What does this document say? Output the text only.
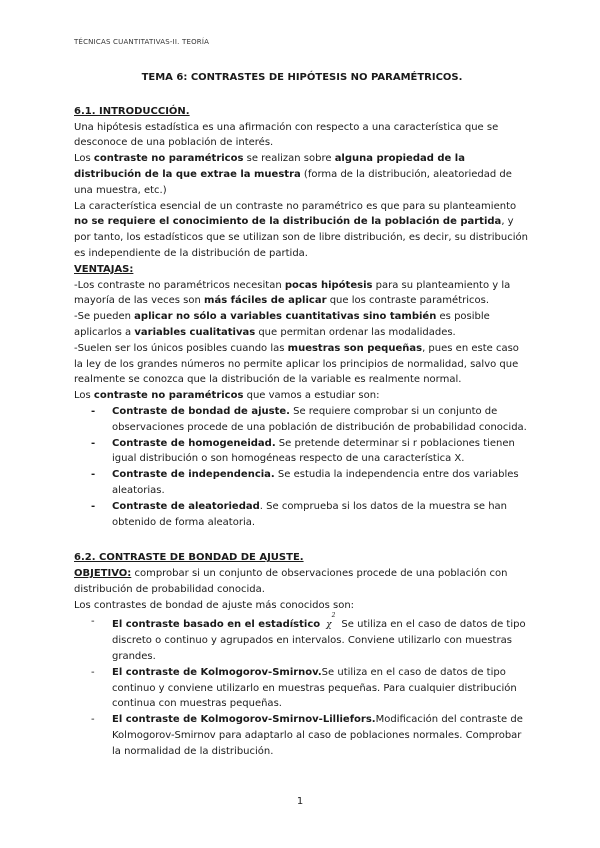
TÉCNICAS CUANTITATIVAS-II. TEORÍA

TEMA 6: CONTRASTES DE HIPÓTESIS NO PARAMÉTRICOS.

6.1. INTRODUCCIÓN.

Una hipótesis estadística es una afirmación con respecto a una característica que se desconoce de una población de interés.

Los contraste no paramétricos se realizan sobre alguna propiedad de la distribución de la que extrae la muestra (forma de la distribución, aleatoriedad de una muestra, etc.)

La característica esencial de un contraste no paramétrico es que para su planteamiento no se requiere el conocimiento de la distribución de la población de partida, y por tanto, los estadísticos que se utilizan son de libre distribución, es decir, su distribución es independiente de la distribución de partida.

VENTAJAS:

-Los contraste no paramétricos necesitan pocas hipótesis para su planteamiento y la mayoría de las veces son más fáciles de aplicar que los contraste paramétricos.

-Se pueden aplicar no sólo a variables cuantitativas sino también es posible aplicarlos a variables cualitativas que permitan ordenar las modalidades.

-Suelen ser los únicos posibles cuando las muestras son pequeñas, pues en este caso la ley de los grandes números no permite aplicar los principios de normalidad, salvo que realmente se conozca que la distribución de la variable es realmente normal.

Los contraste no paramétricos que vamos a estudiar son:

- Contraste de bondad de ajuste. Se requiere comprobar si un conjunto de observaciones procede de una población de distribución de probabilidad conocida.
- Contraste de homogeneidad. Se pretende determinar si r poblaciones tienen igual distribución o son homogéneas respecto de una característica X.
- Contraste de independencia. Se estudia la independencia entre dos variables aleatorias.
- Contraste de aleatoriedad. Se comprueba si los datos de la muestra se han obtenido de forma aleatoria.

6.2. CONTRASTE DE BONDAD DE AJUSTE.

OBJETIVO: comprobar si un conjunto de observaciones procede de una población con distribución de probabilidad conocida.

Los contrastes de bondad de ajuste más conocidos son:

- El contraste basado en el estadístico $\chi^2Se$ utiliza en el caso de datos de tipo discreto o continuo y agrupados en intervalos. Conviene utilizarlo con muestras grandes.
- El contraste de Kolmogorov-Smirnov.Se utiliza en el caso de datos de tipo continuo y conviene utilizarlo en muestras pequeñas. Para cualquier distribución continua con muestras pequeñas.
- El contraste de Kolmogorov-Smirnov-Lilliefors.Modificación del contraste de Kolmogorov-Smirnov para adaptarlo al caso de poblaciones normales. Comprobar la normalidad de la distribución.
1
